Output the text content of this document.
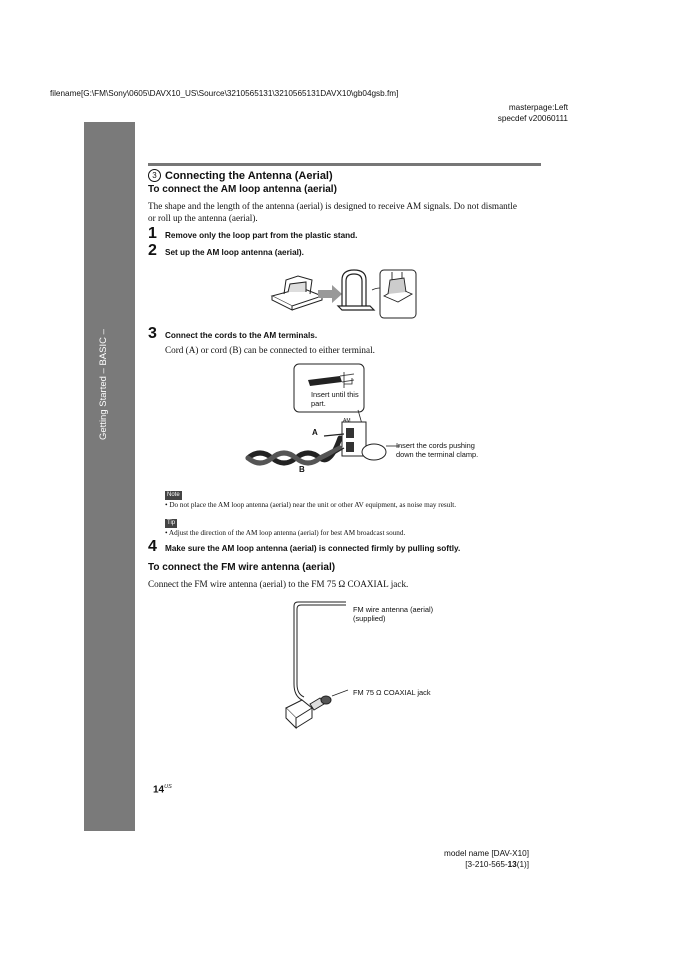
filename[G:\FM\Sony\0605\DAVX10_US\Source\3210565131\3210565131DAVX10\gb04gsb.fm]
masterpage:Left
specdef v20060111
Getting Started – BASIC –
3 Connecting the Antenna (Aerial)
To connect the AM loop antenna (aerial)
The shape and the length of the antenna (aerial) is designed to receive AM signals. Do not dismantle
or roll up the antenna (aerial).
1 Remove only the loop part from the plastic stand.
2 Set up the AM loop antenna (aerial).
3 Connect the cords to the AM terminals.
Cord (A) or cord (B) can be connected to either terminal.
Insert until this
part.
AM
A
B
Insert the cords pushing
down the terminal clamp.
Note
• Do not place the AM loop antenna (aerial) near the unit or other AV equipment, as noise may result.
Tip
• Adjust the direction of the AM loop antenna (aerial) for best AM broadcast sound.
4 Make sure the AM loop antenna (aerial) is connected firmly by pulling softly.
To connect the FM wire antenna (aerial)
Connect the FM wire antenna (aerial) to the FM 75 Ω COAXIAL jack.
FM wire antenna (aerial)
(supplied)
FM 75 Ω COAXIAL jack
$14^{US}$
model name [DAV-X10]
[3-210-565-13(1)]
